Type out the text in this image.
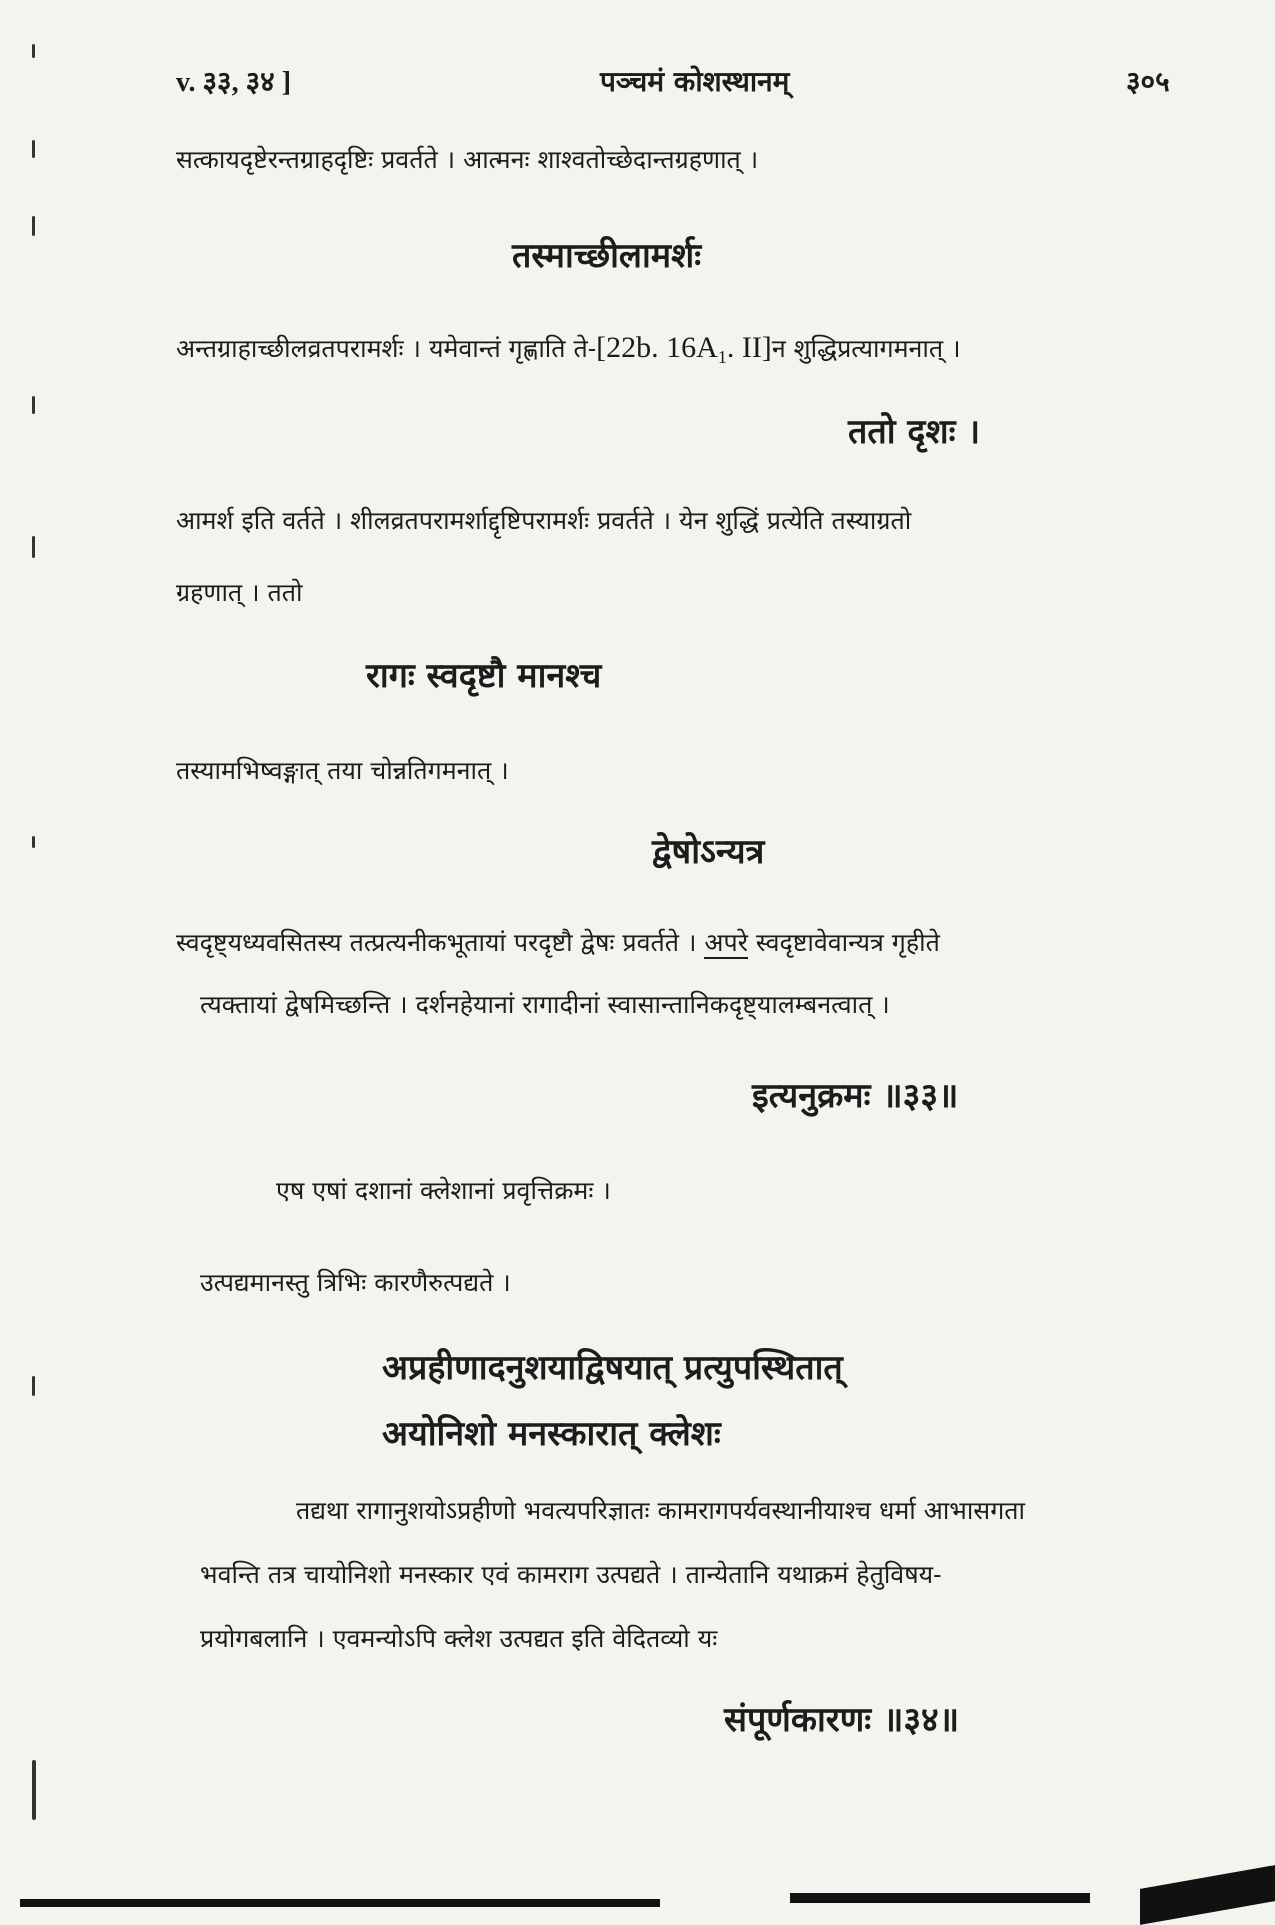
v. ३३, ३४ ]	पञ्चमं कोशस्थानम्	३०५
सत्कायदृष्टेरन्तग्राहदृष्टिः प्रवर्तते । आत्मनः शाश्वतोच्छेदान्तग्रहणात् ।
तस्माच्छीलामर्शः
अन्तग्राहाच्छीलव्रतपरामर्शः । यमेवान्तं गृह्णाति ते-[22b. $16A_1$. II]न शुद्धिप्रत्यागमनात् ।
ततो दृशः ।
आमर्श इति वर्तते । शीलव्रतपरामर्शाद्दृष्टिपरामर्शः प्रवर्तते । येन शुद्धिं प्रत्येति तस्याग्रतो
ग्रहणात् । ततो
रागः स्वदृष्टौ मानश्च
तस्यामभिष्वङ्गात् तया चोन्नतिगमनात् ।
द्वेषोऽन्यत्र
स्वदृष्ट्यध्यवसितस्य तत्प्रत्यनीकभूतायां परदृष्टौ द्वेषः प्रवर्तते । अपरे स्वदृष्टावेवान्यत्र गृहीते
त्यक्तायां द्वेषमिच्छन्ति । दर्शनहेयानां रागादीनां स्वासान्तानिकदृष्ट्यालम्बनत्वात् ।
इत्यनुक्रमः ॥३३॥
एष एषां दशानां क्लेशानां प्रवृत्तिक्रमः ।
उत्पद्यमानस्तु त्रिभिः कारणैरुत्पद्यते ।
अप्रहीणादनुशयाद्विषयात् प्रत्युपस्थितात्
अयोनिशो मनस्कारात् क्लेशः
तद्यथा रागानुशयोऽप्रहीणो भवत्यपरिज्ञातः कामरागपर्यवस्थानीयाश्च धर्मा आभासगता
भवन्ति तत्र चायोनिशो मनस्कार एवं कामराग उत्पद्यते । तान्येतानि यथाक्रमं हेतुविषय-
प्रयोगबलानि । एवमन्योऽपि क्लेश उत्पद्यत इति वेदितव्यो यः
संपूर्णकारणः ॥३४॥
